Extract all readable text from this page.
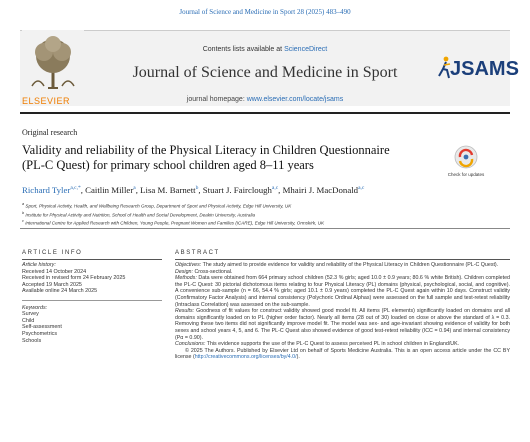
Journal of Science and Medicine in Sport 28 (2025) 483–490
ELSEVIER
Contents lists available at ScienceDirect
Journal of Science and Medicine in Sport
journal homepage: www.elsevier.com/locate/jsams
JSAMS
Original research
Validity and reliability of the Physical Literacy in Children Questionnaire
(PL-C Quest) for primary school children aged 8–11 years
Check for updates
Richard Tyler$^{a,c,*}$, Caitlin Miller$^a$, Lisa M. Barnett$^b$, Stuart J. Fairclough$^{a,c}$, Mhairi J. MacDonald$^{a,c}$
$^a$ Sport, Physical Activity, Health, and Wellbeing Research Group, Department of Sport and Physical Activity, Edge Hill University, UK
$^b$ Institute for Physical Activity and Nutrition, School of Health and Social Development, Deakin University, Australia
$^c$ International Centre for Applied Research with Children, Young People, Pregnant Women and Families (iCARE), Edge Hill University, Ormskirk, UK
ARTICLE INFO	ABSTRACT
Article history:
Received 14 October 2024
Received in revised form 24 February 2025
Accepted 19 March 2025
Available online 24 March 2025
Keywords:
Survey
Child
Self-assessment
Psychometrics
Schools

Objectives: The study aimed to provide evidence for validity and reliability of the Physical Literacy in Children Questionnaire (PL-C Quest).

Design: Cross-sectional.

Methods: Data were obtained from 664 primary school children (52.3 % girls; aged 10.0 ± 0.9 years; 80.6 % white British). Children completed the PL-C Quest: 30 pictorial dichotomous items relating to four Physical Literacy (PL) domains (physical, psychological, social, and cognitive). A convenience sub-sample (n = 66, 54.4 % girls; aged 10.1 ± 0.9 years) completed the PL-C Quest again within 10 days. Construct validity (Confirmatory Factor Analysis) and internal consistency (Polychoric Ordinal Alphas) were assessed on the full sample and test-retest reliability (Intraclass Correlation) was assessed on the sub-sample.

Results: Goodness of fit values for construct validity showed good model fit. All items (PL elements) significantly loaded on domains and all domains significantly loaded on to PL (higher order factor). Nearly all items (28 out of 30) loaded on close or above the standard of λ = 0.3. Removing these two items did not significantly improve model fit. The model was sex- and age-invariant showing evidence of validity for both sexes and school years 4, 5, and 6. The PL-C Quest also showed evidence of good test-retest reliability (ICC = 0.94) and internal consistency (Pα = 0.90).

Conclusions: This evidence supports the use of the PL-C Quest to assess perceived PL in school children in England/UK.

© 2025 The Authors. Published by Elsevier Ltd on behalf of Sports Medicine Australia. This is an open access article under the CC BY license (http://creativecommons.org/licenses/by/4.0/).
